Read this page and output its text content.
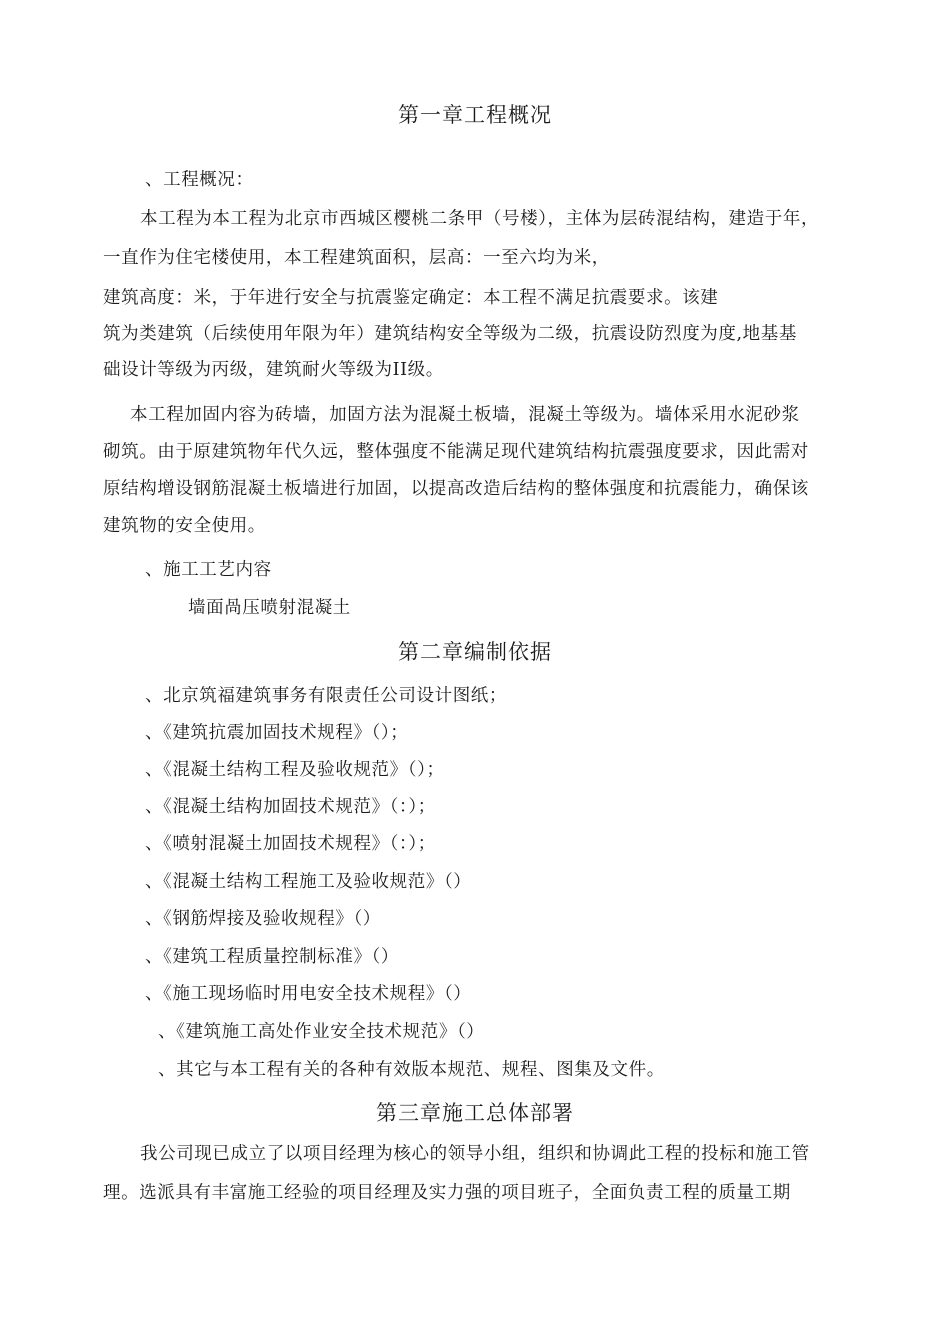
第一章工程概况
、工程概况：
本工程为本工程为北京市西城区樱桃二条甲（号楼），主体为层砖混结构，建造于年，
一直作为住宅楼使用，本工程建筑面积，层高：一至六均为米，
建筑高度：米，于年进行安全与抗震鉴定确定：本工程不满足抗震要求。该建
筑为类建筑（后续使用年限为年）建筑结构安全等级为二级，抗震设防烈度为度,地基基
础设计等级为丙级，建筑耐火等级为II级。
本工程加固内容为砖墙，加固方法为混凝土板墙，混凝土等级为。墙体采用水泥砂浆
砌筑。由于原建筑物年代久远，整体强度不能满足现代建筑结构抗震强度要求，因此需对
原结构增设钢筋混凝土板墙进行加固，以提高改造后结构的整体强度和抗震能力，确保该
建筑物的安全使用。
、施工工艺内容
墙面咼压喷射混凝土
第二章编制依据
、北京筑福建筑事务有限责任公司设计图纸；
、《建筑抗震加固技术规程》（）；
、《混凝土结构工程及验收规范》（）；
、《混凝土结构加固技术规范》（：）；
、《喷射混凝土加固技术规程》（：）；
、《混凝土结构工程施工及验收规范》（）
、《钢筋焊接及验收规程》（）
、《建筑工程质量控制标准》（）
、《施工现场临时用电安全技术规程》（）
、《建筑施工高处作业安全技术规范》（）
、其它与本工程有关的各种有效版本规范、规程、图集及文件。
第三章施工总体部署
我公司现已成立了以项目经理为核心的领导小组，组织和协调此工程的投标和施工管
理。选派具有丰富施工经验的项目经理及实力强的项目班子，全面负责工程的质量工期
